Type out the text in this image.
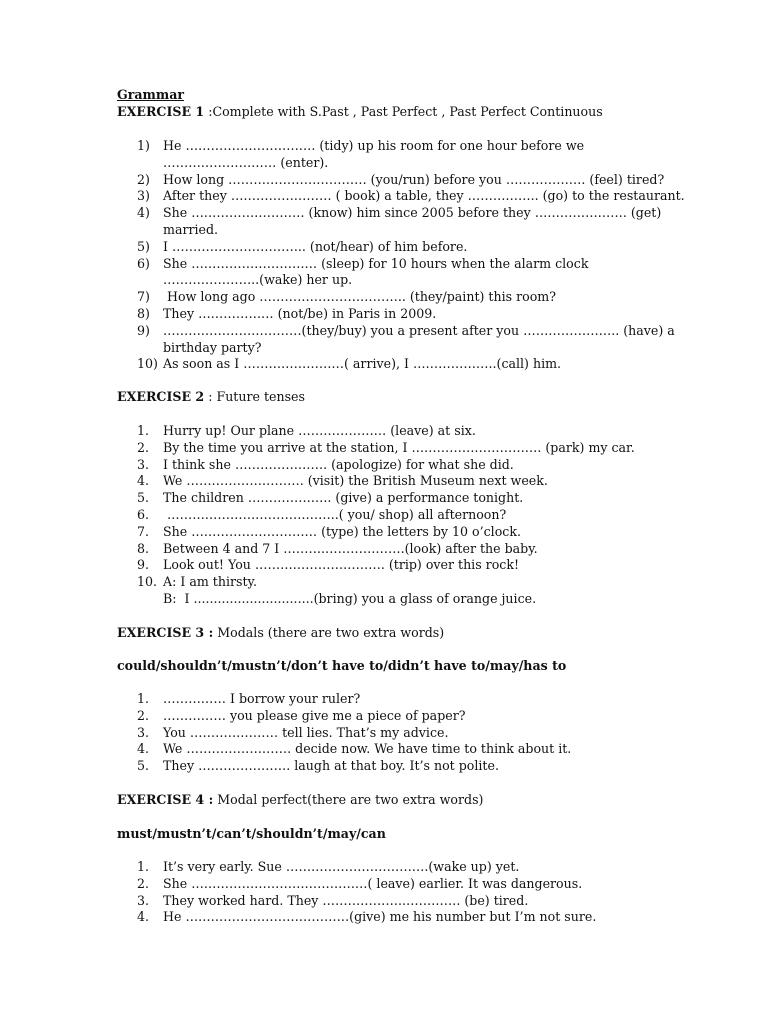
Grammar
EXERCISE 1 :Complete with S.Past , Past Perfect , Past Perfect Continuous
1) He …………………………. (tidy) up his room for one hour before we
……………………… (enter).
2) How long …………………………… (you/run) before you ………………. (feel) tired?
3) After they …………………… ( book) a table, they …………….. (go) to the restaurant.
4) She ……………………… (know) him since 2005 before they …………………. (get)
married.
5) I ………………………….. (not/hear) of him before.
6) She ………………………… (sleep) for 10 hours when the alarm clock
…………………..(wake) her up.
7) How long ago …………………………….. (they/paint) this room?
8) They ……………… (not/be) in Paris in 2009.
9) ……………………………(they/buy) you a present after you ………………….. (have) a
birthday party?
10) As soon as I ……………………( arrive), I ………………..(call) him.
EXERCISE 2 : Future tenses
1. Hurry up! Our plane ………………… (leave) at six.
2. By the time you arrive at the station, I …………………………. (park) my car.
3. I think she …………………. (apologize) for what she did.
4. We ………………………. (visit) the British Museum next week.
5. The children ……………….. (give) a performance tonight.
6. …………………………………..( you/ shop) all afternoon?
7. She ………………………… (type) the letters by 10 o’clock.
8. Between 4 and 7 I ……….……………….(look) after the baby.
9. Look out! You …………………………. (trip) over this rock!
10. A: I am thirsty.
B:  I ..............................(bring) you a glass of orange juice.
EXERCISE 3 : Modals (there are two extra words)
could/shouldn’t/mustn’t/don’t have to/didn’t have to/may/has to
1. …………… I borrow your ruler?
2. …………… you please give me a piece of paper?
3. You ………………… tell lies. That’s my advice.
4. We ……………………. decide now. We have time to think about it.
5. They …………………. laugh at that boy. It’s not polite.
EXERCISE 4 : Modal perfect(there are two extra words)
must/mustn’t/can’t/shouldn’t/may/can
1. It’s very early. Sue …………………………….(wake up) yet.
2. She ……………………………………( leave) earlier. It was dangerous.
3. They worked hard. They ………………..…………. (be) tired.
4. He …………………………………(give) me his number but I’m not sure.
